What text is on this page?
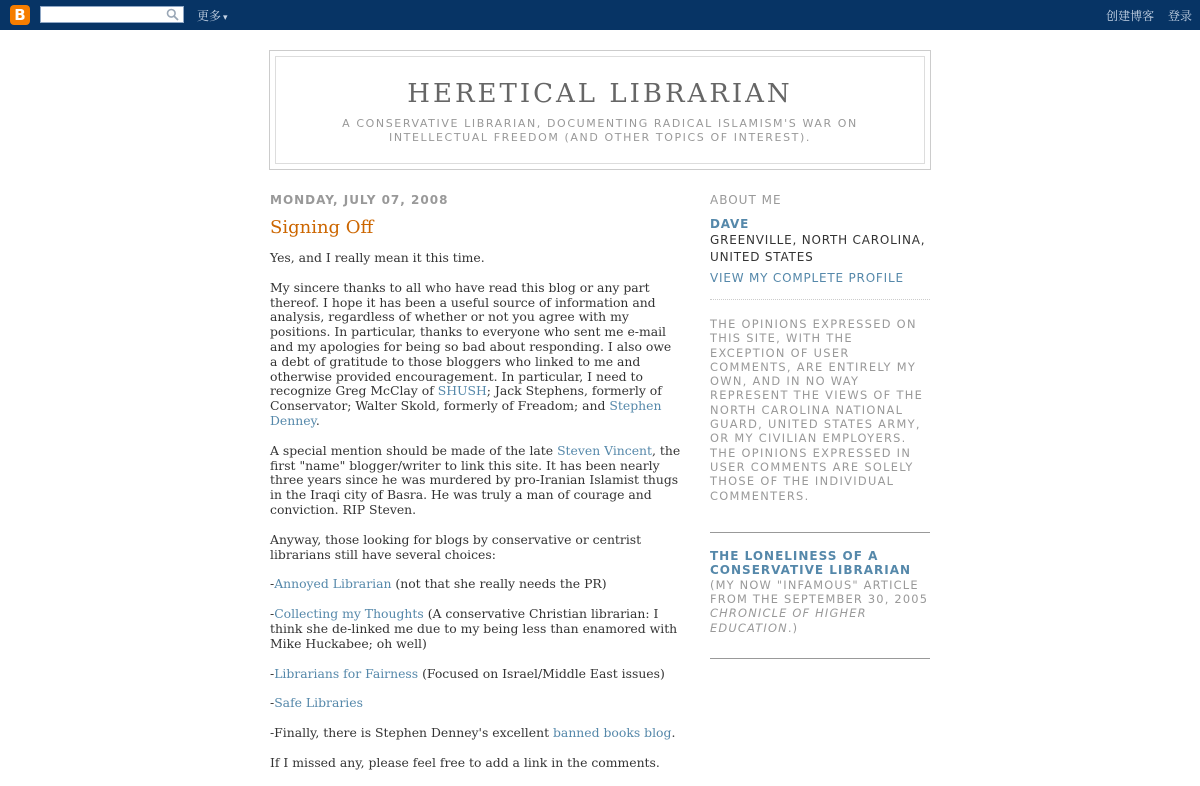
B	更多 ▾	创建博客 登录
HERETICAL LIBRARIAN
A CONSERVATIVE LIBRARIAN, DOCUMENTING RADICAL ISLAMISM'S WAR ON INTELLECTUAL FREEDOM (AND OTHER TOPICS OF INTEREST).
MONDAY, JULY 07, 2008
Signing Off

Yes, and I really mean it this time.

My sincere thanks to all who have read this blog or any part thereof. I hope it has been a useful source of information and analysis, regardless of whether or not you agree with my positions. In particular, thanks to everyone who sent me e-mail and my apologies for being so bad about responding. I also owe a debt of gratitude to those bloggers who linked to me and otherwise provided encouragement. In particular, I need to recognize Greg McClay of SHUSH; Jack Stephens, formerly of Conservator; Walter Skold, formerly of Freadom; and Stephen Denney.

A special mention should be made of the late Steven Vincent, the first "name" blogger/writer to link this site. It has been nearly three years since he was murdered by pro-Iranian Islamist thugs in the Iraqi city of Basra. He was truly a man of courage and conviction. RIP Steven.

Anyway, those looking for blogs by conservative or centrist librarians still have several choices:

-Annoyed Librarian (not that she really needs the PR)

-Collecting my Thoughts (A conservative Christian librarian: I think she de-linked me due to my being less than enamored with Mike Huckabee; oh well)

-Librarians for Fairness (Focused on Israel/Middle East issues)

-Safe Libraries

-Finally, there is Stephen Denney's excellent banned books blog.

If I missed any, please feel free to add a link in the comments.

ABOUT ME
DAVE
GREENVILLE, NORTH CAROLINA, UNITED STATES
VIEW MY COMPLETE PROFILE

THE OPINIONS EXPRESSED ON THIS SITE, WITH THE EXCEPTION OF USER COMMENTS, ARE ENTIRELY MY OWN, AND IN NO WAY REPRESENT THE VIEWS OF THE NORTH CAROLINA NATIONAL GUARD, UNITED STATES ARMY, OR MY CIVILIAN EMPLOYERS. THE OPINIONS EXPRESSED IN USER COMMENTS ARE SOLELY THOSE OF THE INDIVIDUAL COMMENTERS.

THE LONELINESS OF A CONSERVATIVE LIBRARIAN

(MY NOW "INFAMOUS" ARTICLE FROM THE SEPTEMBER 30, 2005 CHRONICLE OF HIGHER EDUCATION.)
